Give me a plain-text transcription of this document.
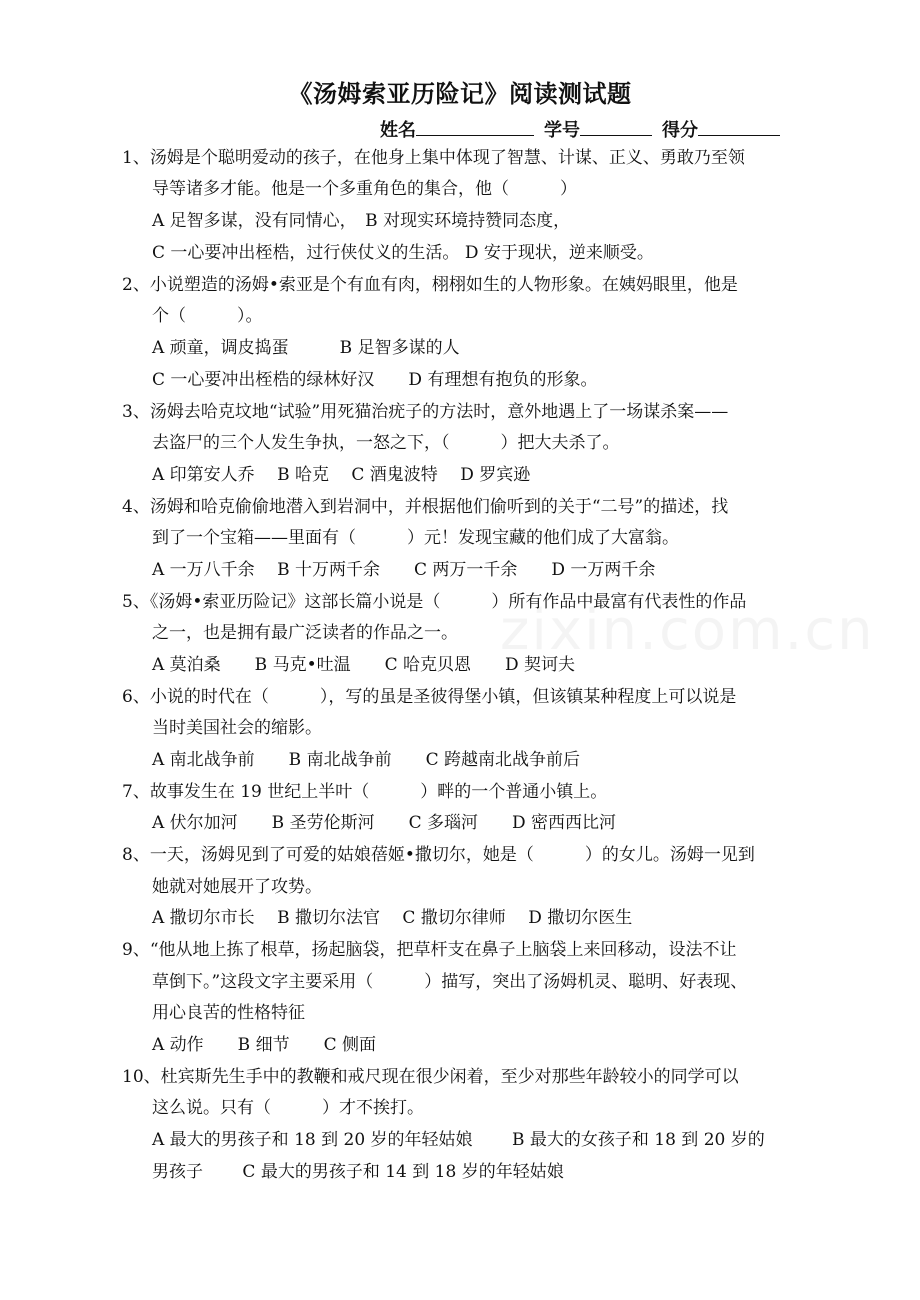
《汤姆索亚历险记》阅读测试题
姓名	学号	得分
1、汤姆是个聪明爱动的孩子，在他身上集中体现了智慧、计谋、正义、勇敢乃至领
导等诸多才能。他是一个多重角色的集合，他（　　　）
A 足智多谋，没有同情心，　B 对现实环境持赞同态度，
C 一心要冲出桎梏，过行侠仗义的生活。 D 安于现状，逆来顺受。
2、小说塑造的汤姆•索亚是个有血有肉，栩栩如生的人物形象。在姨妈眼里，他是
个（　　　）。
A 顽童，调皮捣蛋　　　B 足智多谋的人
C 一心要冲出桎梏的绿林好汉　　D 有理想有抱负的形象。
3、汤姆去哈克坟地“试验”用死猫治疣子的方法时，意外地遇上了一场谋杀案——
去盗尸的三个人发生争执，一怒之下，（　　　）把大夫杀了。
A 印第安人乔　 B 哈克　 C 酒鬼波特　 D 罗宾逊
4、汤姆和哈克偷偷地潜入到岩洞中，并根据他们偷听到的关于“二号”的描述，找
到了一个宝箱——里面有（　　　）元！发现宝藏的他们成了大富翁。
A 一万八千余　 B 十万两千余　　C 两万一千余　　D 一万两千余
5、《汤姆•索亚历险记》这部长篇小说是（　　　）所有作品中最富有代表性的作品
之一，也是拥有最广泛读者的作品之一。
A 莫泊桑　　B 马克•吐温　　C 哈克贝恩　　D 契诃夫
6、小说的时代在（　　　），写的虽是圣彼得堡小镇，但该镇某种程度上可以说是
当时美国社会的缩影。
A 南北战争前　　B 南北战争前　　C 跨越南北战争前后
7、故事发生在 19 世纪上半叶（　　　）畔的一个普通小镇上。
A 伏尔加河　　B 圣劳伦斯河　　C 多瑙河　　D 密西西比河
8、一天，汤姆见到了可爱的姑娘蓓姬•撒切尔，她是（　　　）的女儿。汤姆一见到
她就对她展开了攻势。
A 撒切尔市长　 B 撒切尔法官　 C 撒切尔律师　 D 撒切尔医生
9、“他从地上拣了根草，扬起脑袋，把草杆支在鼻子上脑袋上来回移动，设法不让
草倒下。”这段文字主要采用（　　　）描写，突出了汤姆机灵、聪明、好表现、
用心良苦的性格特征
A 动作　　B 细节　　C 侧面
10、杜宾斯先生手中的教鞭和戒尺现在很少闲着，至少对那些年龄较小的同学可以
这么说。只有（　　　）才不挨打。
A 最大的男孩子和 18 到 20 岁的年轻姑娘　　 B 最大的女孩子和 18 到 20 岁的
男孩子　　 C 最大的男孩子和 14 到 18 岁的年轻姑娘
